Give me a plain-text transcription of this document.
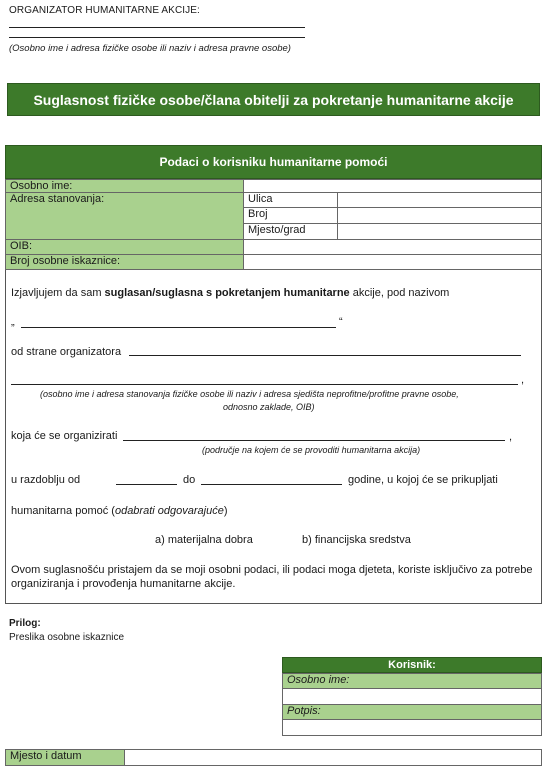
ORGANIZATOR HUMANITARNE AKCIJE:
(Osobno ime i adresa fizičke osobe ili naziv i adresa pravne osobe)
Suglasnost fizičke osobe/člana obitelji za pokretanje humanitarne akcije
Podaci o korisniku humanitarne pomoći
Osobno ime:
Adresa stanovanja:	Ulica
Broj
Mjesto/grad
OIB:
Broj osobne iskaznice:
Izjavljujem da sam suglasan/suglasna s pokretanjem humanitarne akcije, pod nazivom
„	“
od strane organizatora
,
(osobno ime i adresa stanovanja fizičke osobe ili naziv i adresa sjedišta neprofitne/profitne pravne osobe,
odnosno zaklade, OIB)
koja će se organizirati	,
(područje na kojem će se provoditi humanitarna akcija)
u razdoblju od	do	godine, u kojoj će se prikupljati
humanitarna pomoć (odabrati odgovarajuće)
a) materijalna dobra	b) financijska sredstva
Ovom suglasnošću pristajem da se moji osobni podaci, ili podaci moga djeteta, koriste isključivo za potrebe
organiziranja i provođenja humanitarne akcije.
Prilog:
Preslika osobne iskaznice
Korisnik:
Osobno ime:
Potpis:
Mjesto i datum
